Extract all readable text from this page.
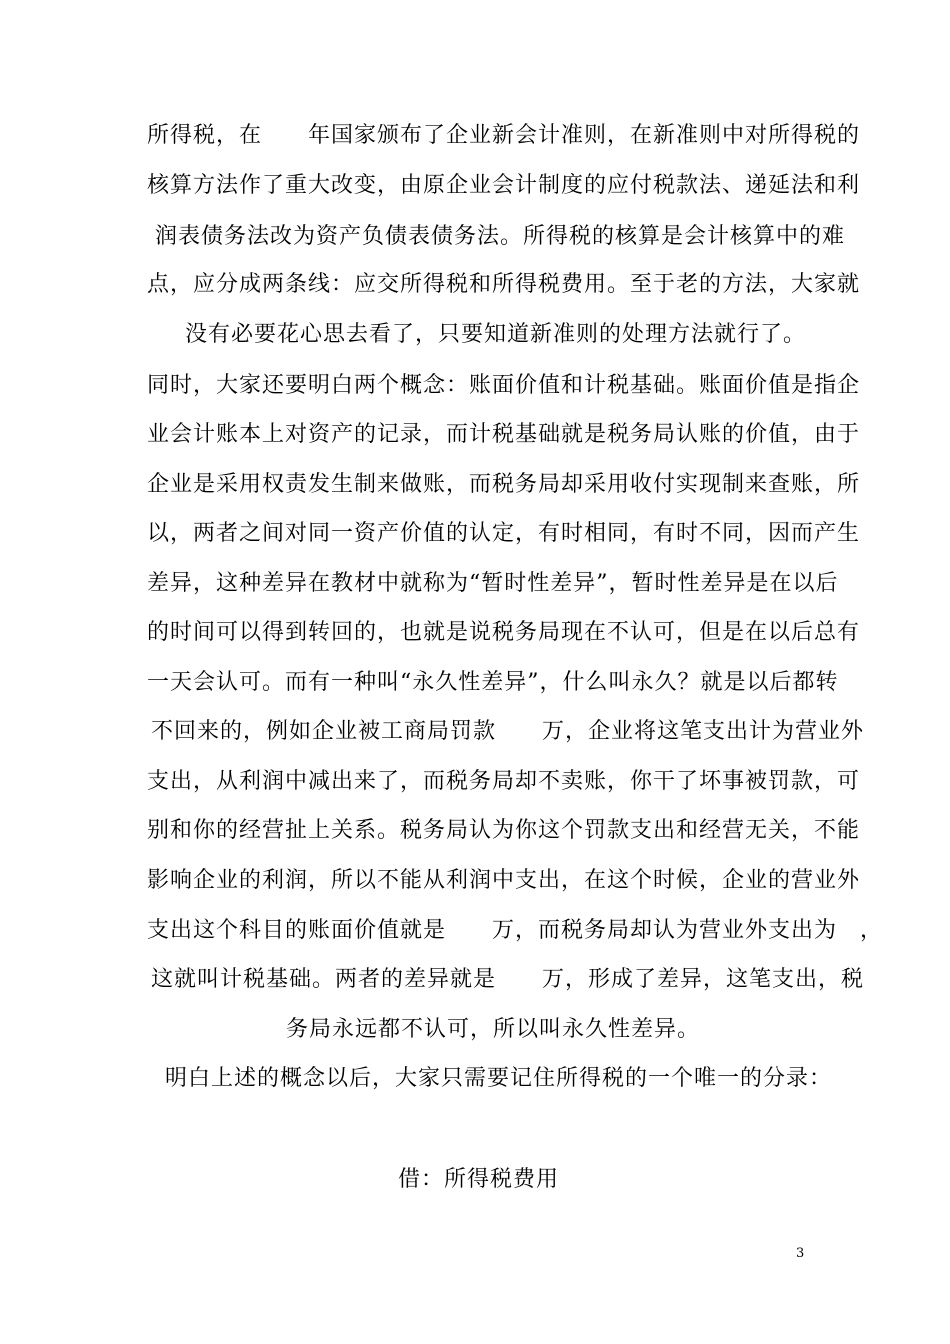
所得税，在　　年国家颁布了企业新会计准则，在新准则中对所得税的
核算方法作了重大改变，由原企业会计制度的应付税款法、递延法和利
润表债务法改为资产负债表债务法。所得税的核算是会计核算中的难
点，应分成两条线：应交所得税和所得税费用。至于老的方法，大家就
没有必要花心思去看了，只要知道新准则的处理方法就行了。
同时，大家还要明白两个概念：账面价值和计税基础。账面价值是指企
业会计账本上对资产的记录，而计税基础就是税务局认账的价值，由于
企业是采用权责发生制来做账，而税务局却采用收付实现制来查账，所
以，两者之间对同一资产价值的认定，有时相同，有时不同，因而产生
差异，这种差异在教材中就称为“暂时性差异”，暂时性差异是在以后
的时间可以得到转回的，也就是说税务局现在不认可，但是在以后总有
一天会认可。而有一种叫“永久性差异”，什么叫永久？就是以后都转
不回来的，例如企业被工商局罚款　　万，企业将这笔支出计为营业外
支出，从利润中减出来了，而税务局却不卖账，你干了坏事被罚款，可
别和你的经营扯上关系。税务局认为你这个罚款支出和经营无关，不能
影响企业的利润，所以不能从利润中支出，在这个时候，企业的营业外
支出这个科目的账面价值就是　　万，而税务局却认为营业外支出为　，
这就叫计税基础。两者的差异就是　　万，形成了差异，这笔支出，税
务局永远都不认可，所以叫永久性差异。
明白上述的概念以后，大家只需要记住所得税的一个唯一的分录：
借：所得税费用
3
